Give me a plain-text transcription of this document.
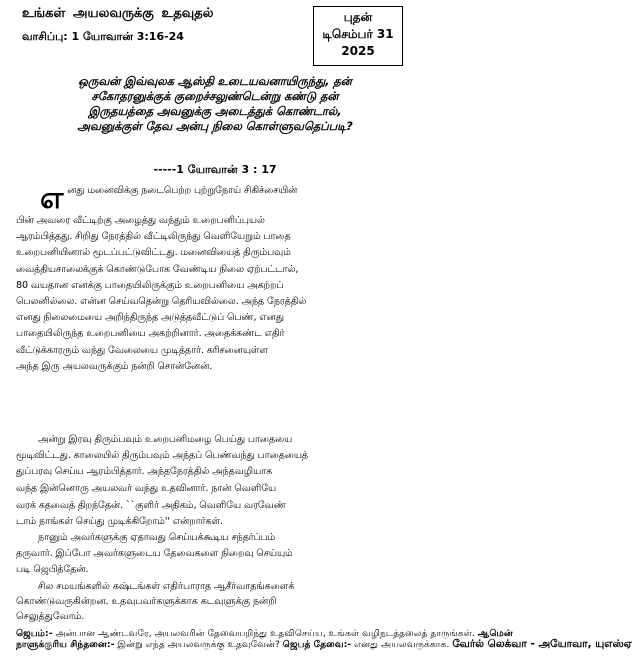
உங்கள் அயலவருக்கு உதவுதல்
வாசிப்பு: 1 யோவான் 3:16-24
புதன்
டிசெம்பர் 31
2025
ஒருவன் இவ்வுலக ஆஸ்தி உடையவனாயிருந்து, தன்
சகோதரனுக்குக் குறைச்சலுண்டென்று கண்டு தன்
இருதயத்தை அவனுக்கு அடைத்துக் கொண்டால்,
அவனுக்குள் தேவ அன்பு நிலை கொள்ளுவதெப்படி?
-----1 யோவான் 3 : 17
எ னது மனைவிக்கு நடைபெற்ற புற்றுநோய் சிகிச்சையின்
பின் அவரை வீட்டிற்கு அழைத்து வந்தும் உறைபனிப்புயல்
ஆரம்பித்தது. சிறிது நேரத்தில் வீட்டிலிருந்து வெளியேறும் பாதை
உறைபனியினால் மூடப்பட்டுவிட்டது. மனைவியைத் திரும்பவும்
வைத்தியசாலைக்குக் கொண்டுபோக வேண்டிய நிலை ஏற்பட்டால்,
80 வயதான எனக்கு பாதையிலிருக்கும் உறைபனியை அகற்றப்
பெலனில்லை. என்ன செய்வதென்று தெரியவில்லை. அந்த நேரத்தில்
எனது நிலைமையை அறிந்திருந்த அடுத்தவீட்டுப் பெண், எனது
பாதையிலிருந்த உறைபனியை அகற்றினார். அதைக்கண்ட எதிர்
வீட்டுக்காரரும் வந்து வேலையை முடித்தார். கரிசனையுள்ள
அந்த இரு அயலவருக்கும் நன்றி சொன்னேன்.
அன்று இரவு திரும்பவும் உறைபனிமழை பெய்து பாதையை
மூடிவிட்டது. காலையில் திரும்பவும் அந்தப் பெண்வந்து பாதையைத்
துப்பரவு செய்ய ஆரம்பித்தார். அந்தநேரத்தில் அந்தவழியாக
வந்த இன்னொரு அயலவர் வந்து உதவினார். நான் வெளியே
வரக் கதவைத் திறந்தேன். ``குளிர் அதிகம், வெளியே வரவேண்
டாம் நாங்கள் செய்து முடிக்கிறோம்'' என்றார்கள்.
நானும் அவர்களுக்கு ஏதாவது செய்யக்கூடிய சந்தர்ப்பம்
தருவார். இப்போ அவர்களுடைய தேவைகளை நிறைவு செய்யும்
படி ஜெபித்தேன்.
சில சமயங்களில் கஷ்டங்கள் எதிர்பாராத ஆசீர்வாதங்களைக்
கொண்டுவருகின்றன. உதவுபவர்களுக்காக கடவுளுக்கு நன்றி
செலுத்துவோம்.
ஜெபம்:- அன்பான ஆண்டவரே, அயலவரின் தேவையறிந்து உதவிசெய்ய, உங்கள் வழிநடத்தலைத் தாருங்கள். ஆமென்
நாளுக்குரிய சிந்தனை:- இன்று எந்த அயலவருக்கு உதவுவேன்? ஜெபத் தேவை:- எனது அயலவருக்காக. வேர்ல் லெக்வா - அயோவா, யுஎஸ்ஏ
